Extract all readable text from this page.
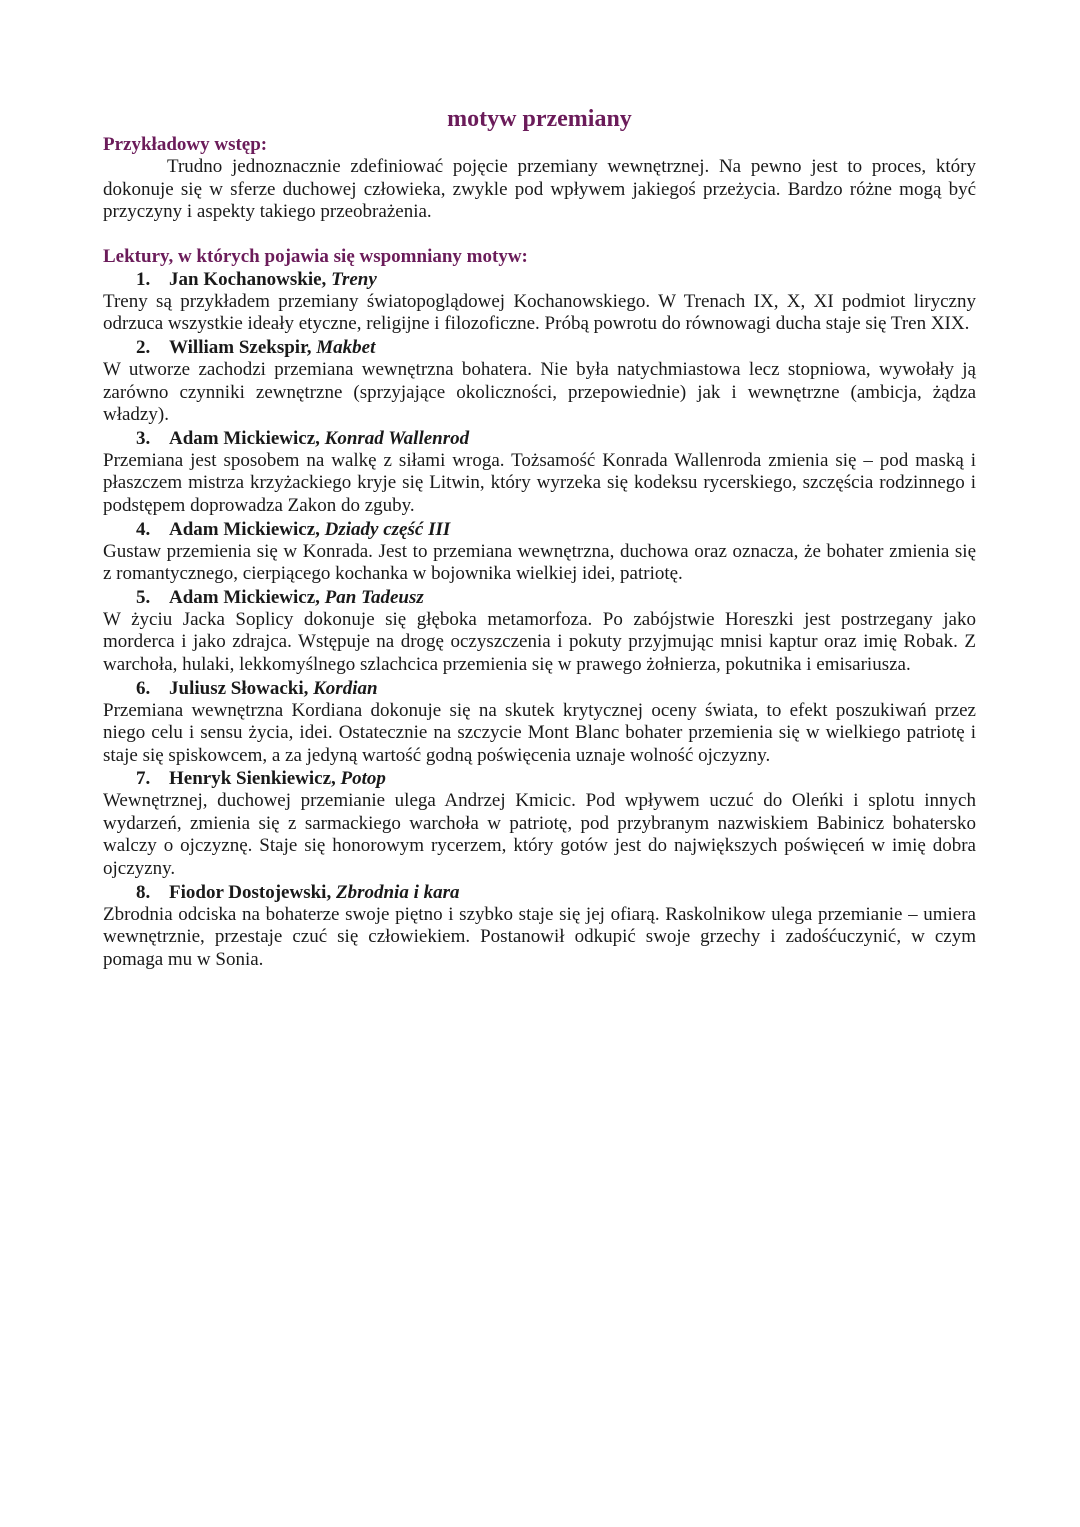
motyw przemiany

Przykładowy wstęp:

Trudno jednoznacznie zdefiniować pojęcie przemiany wewnętrznej. Na pewno jest to proces, który dokonuje się w sferze duchowej człowieka, zwykle pod wpływem jakiegoś przeżycia. Bardzo różne mogą być przyczyny i aspekty takiego przeobrażenia.

Lektury, w których pojawia się wspomniany motyw:

1. Jan Kochanowskie, Treny

Treny są przykładem przemiany światopoglądowej Kochanowskiego. W Trenach IX, X, XI podmiot liryczny odrzuca wszystkie ideały etyczne, religijne i filozoficzne. Próbą powrotu do równowagi ducha staje się Tren XIX.

2. William Szekspir, Makbet

W utworze zachodzi przemiana wewnętrzna bohatera. Nie była natychmiastowa lecz stopniowa, wywołały ją zarówno czynniki zewnętrzne (sprzyjające okoliczności, przepowiednie) jak i wewnętrzne (ambicja, żądza władzy).

3. Adam Mickiewicz, Konrad Wallenrod

Przemiana jest sposobem na walkę z siłami wroga. Tożsamość Konrada Wallenroda zmienia się – pod maską i płaszczem mistrza krzyżackiego kryje się Litwin, który wyrzeka się kodeksu rycerskiego, szczęścia rodzinnego i podstępem doprowadza Zakon do zguby.

4. Adam Mickiewicz, Dziady część III

Gustaw przemienia się w Konrada. Jest to przemiana wewnętrzna, duchowa oraz oznacza, że bohater zmienia się z romantycznego, cierpiącego kochanka w bojownika wielkiej idei, patriotę.

5. Adam Mickiewicz, Pan Tadeusz

W życiu Jacka Soplicy dokonuje się głęboka metamorfoza. Po zabójstwie Horeszki jest postrzegany jako morderca i jako zdrajca. Wstępuje na drogę oczyszczenia i pokuty przyjmując mnisi kaptur oraz imię Robak. Z warchoła, hulaki, lekkomyślnego szlachcica przemienia się w prawego żołnierza, pokutnika i emisariusza.

6. Juliusz Słowacki, Kordian

Przemiana wewnętrzna Kordiana dokonuje się na skutek krytycznej oceny świata, to efekt poszukiwań przez niego celu i sensu życia, idei. Ostatecznie na szczycie Mont Blanc bohater przemienia się w wielkiego patriotę i staje się spiskowcem, a za jedyną wartość godną poświęcenia uznaje wolność ojczyzny.

7. Henryk Sienkiewicz, Potop

Wewnętrznej, duchowej przemianie ulega Andrzej Kmicic. Pod wpływem uczuć do Oleńki i splotu innych wydarzeń, zmienia się z sarmackiego warchoła w patriotę, pod przybranym nazwiskiem Babinicz bohatersko walczy o ojczyznę. Staje się honorowym rycerzem, który gotów jest do największych poświęceń w imię dobra ojczyzny.

8. Fiodor Dostojewski, Zbrodnia i kara

Zbrodnia odciska na bohaterze swoje piętno i szybko staje się jej ofiarą. Raskolnikow ulega przemianie – umiera wewnętrznie, przestaje czuć się człowiekiem. Postanowił odkupić swoje grzechy i zadośćuczynić, w czym pomaga mu w Sonia.
